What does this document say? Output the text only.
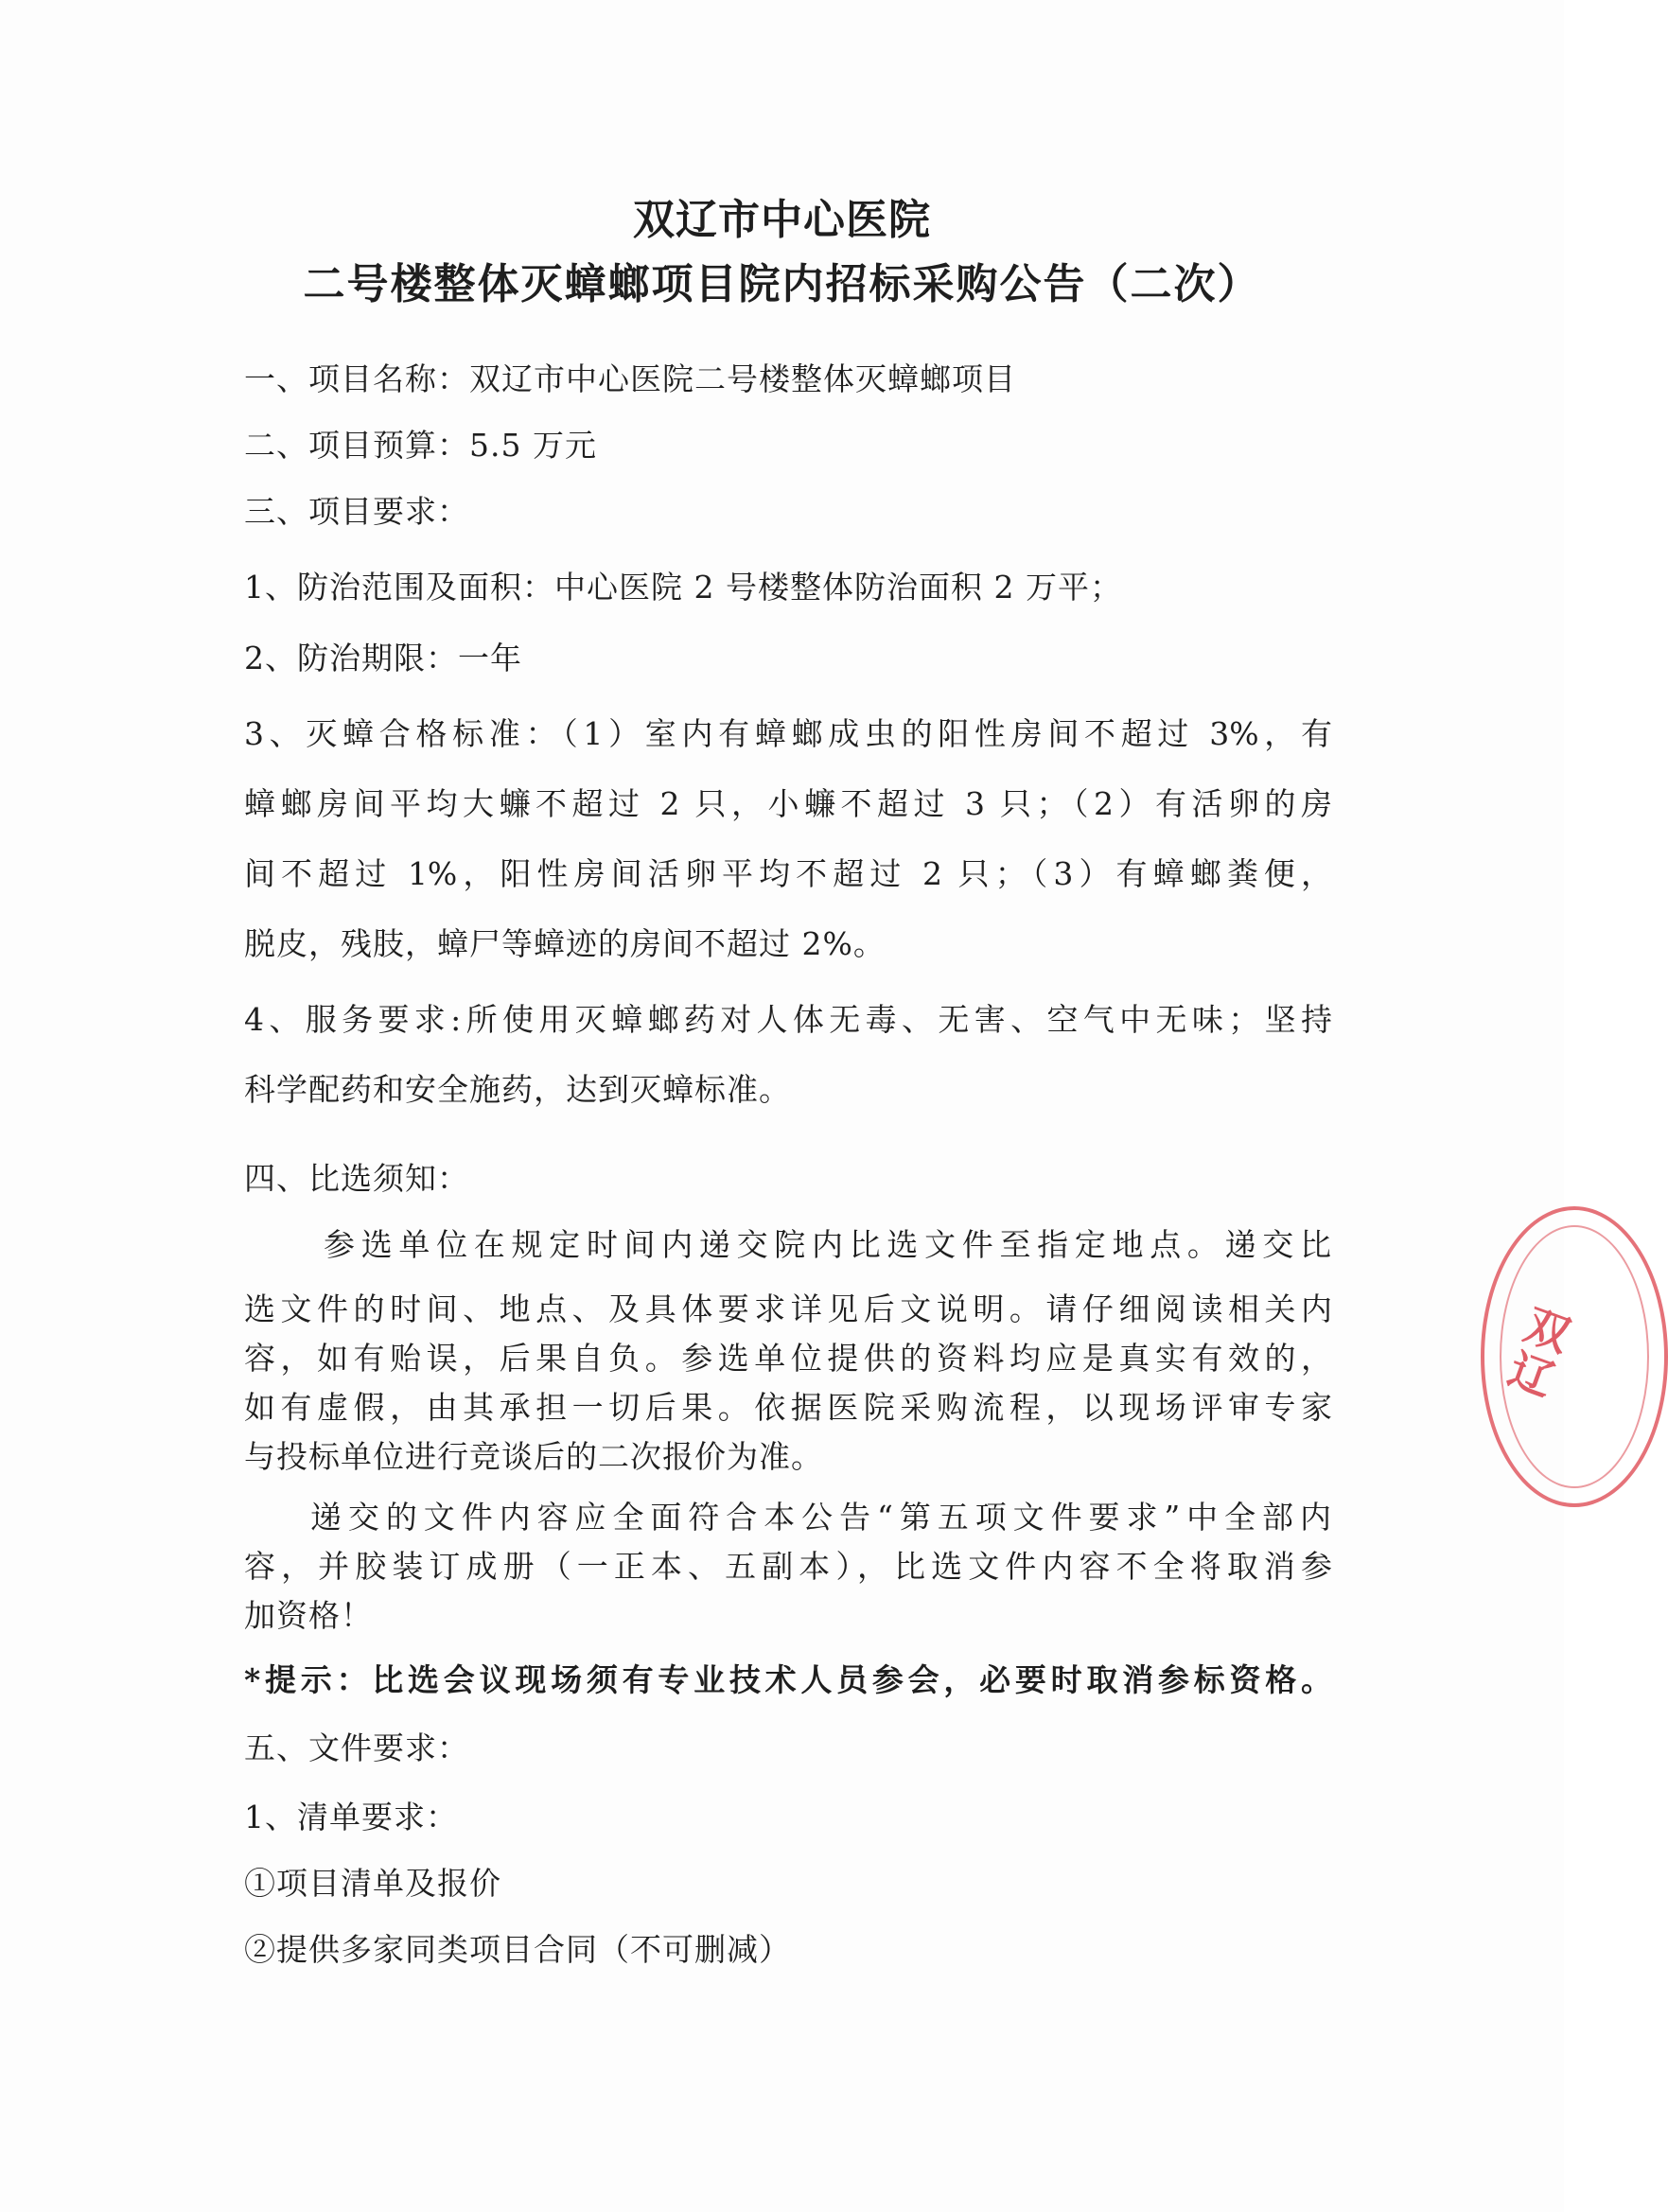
双辽市中心医院
二号楼整体灭蟑螂项目院内招标采购公告（二次）
一、项目名称：双辽市中心医院二号楼整体灭蟑螂项目
二、项目预算：5.5 万元
三、项目要求：
1、防治范围及面积：中心医院 2 号楼整体防治面积 2 万平；
2、防治期限：一年
3、灭蟑合格标准：（1）室内有蟑螂成虫的阳性房间不超过 3%，有
蟑螂房间平均大蠊不超过 2 只，小蠊不超过 3 只；（2）有活卵的房
间不超过 1%，阳性房间活卵平均不超过 2 只；（3）有蟑螂粪便，
脱皮，残肢，蟑尸等蟑迹的房间不超过 2%。
4、服务要求:所使用灭蟑螂药对人体无毒、无害、空气中无味；坚持
科学配药和安全施药，达到灭蟑标准。
四、比选须知：
参选单位在规定时间内递交院内比选文件至指定地点。递交比
选文件的时间、地点、及具体要求详见后文说明。请仔细阅读相关内
容，如有贻误，后果自负。参选单位提供的资料均应是真实有效的，
如有虚假，由其承担一切后果。依据医院采购流程，以现场评审专家
与投标单位进行竞谈后的二次报价为准。
递交的文件内容应全面符合本公告“第五项文件要求”中全部内
容，并胶装订成册（一正本、五副本），比选文件内容不全将取消参
加资格！
*提示：比选会议现场须有专业技术人员参会，必要时取消参标资格。
五、文件要求：
1、清单要求：
①项目清单及报价
②提供多家同类项目合同（不可删减）
双辽
